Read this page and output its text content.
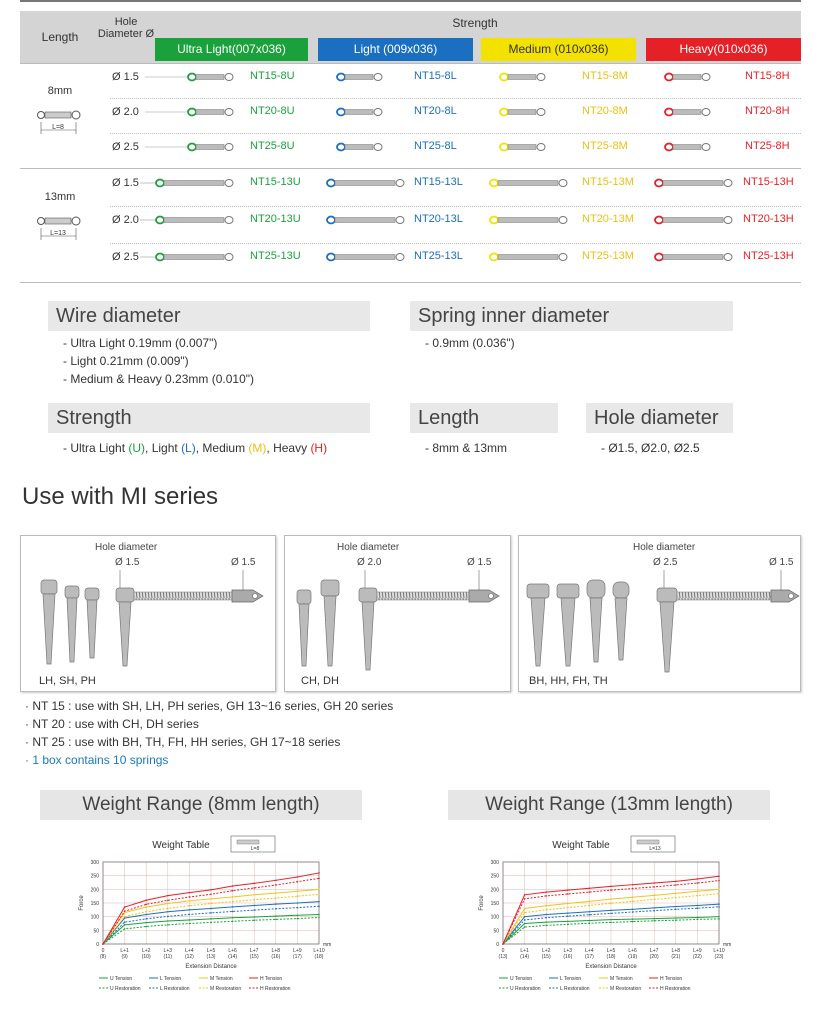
Length
Hole Diameter Ø
Strength
Ultra Light(007x036)	Light (009x036)	Medium (010x036)	Heavy(010x036)
8mm
L=8
Ø 1.5	NT15-8U	NT15-8L	NT15-8M	NT15-8H
Ø 2.0	NT20-8U	NT20-8L	NT20-8M	NT20-8H
Ø 2.5	NT25-8U	NT25-8L	NT25-8M	NT25-8H
13mm
L=13
Ø 1.5	NT15-13U	NT15-13L	NT15-13M	NT15-13H
Ø 2.0	NT20-13U	NT20-13L	NT20-13M	NT20-13H
Ø 2.5	NT25-13U	NT25-13L	NT25-13M	NT25-13H
Wire diameter
- Ultra Light 0.19mm (0.007")
- Light 0.21mm (0.009")
- Medium & Heavy 0.23mm (0.010")
Spring inner diameter
- 0.9mm (0.036")
Strength
- Ultra Light (U), Light (L), Medium (M), Heavy (H)
Length
- 8mm & 13mm
Hole diameter
- Ø1.5, Ø2.0, Ø2.5
Use with MI series
Hole diameter
Ø 1.5	Ø 1.5
LH, SH, PH
Hole diameter
Ø 2.0	Ø 1.5
CH, DH
Hole diameter
Ø 2.5	Ø 1.5
BH, HH, FH, TH
· NT 15 : use with SH, LH, PH series, GH 13~16 series, GH 20 series
· NT 20 : use with CH, DH series
· NT 25 : use with BH, TH, FH, HH series, GH 17~18 series
· 1 box contains 10 springs
Weight Range (8mm length)	Weight Range (13mm length)
Weight Table	L=8
0
50
100
150
200
250
300
0
(8)
L+1
(9)
L+2
(10)
L+3
(11)
L+4
(12)
L+5
(13)
L+6
(14)
L+7
(15)
L+8
(16)
L+9
(17)
L+10
(18)
mm
Extension Distance
Force
U Tension
U Restoration
L Tension
L Restoration
M Tension
M Restoration
H Tension
H Restoration
Weight Table	L=13
0
50
100
150
200
250
300
0
(13)
L+1
(14)
L+2
(15)
L+3
(16)
L+4
(17)
L+5
(18)
L+6
(19)
L+7
(20)
L+8
(21)
L+9
(22)
L+10
(23)
mm
Extension Distance
Force
U Tension
U Restoration
L Tension
L Restoration
M Tension
M Restoration
H Tension
H Restoration
